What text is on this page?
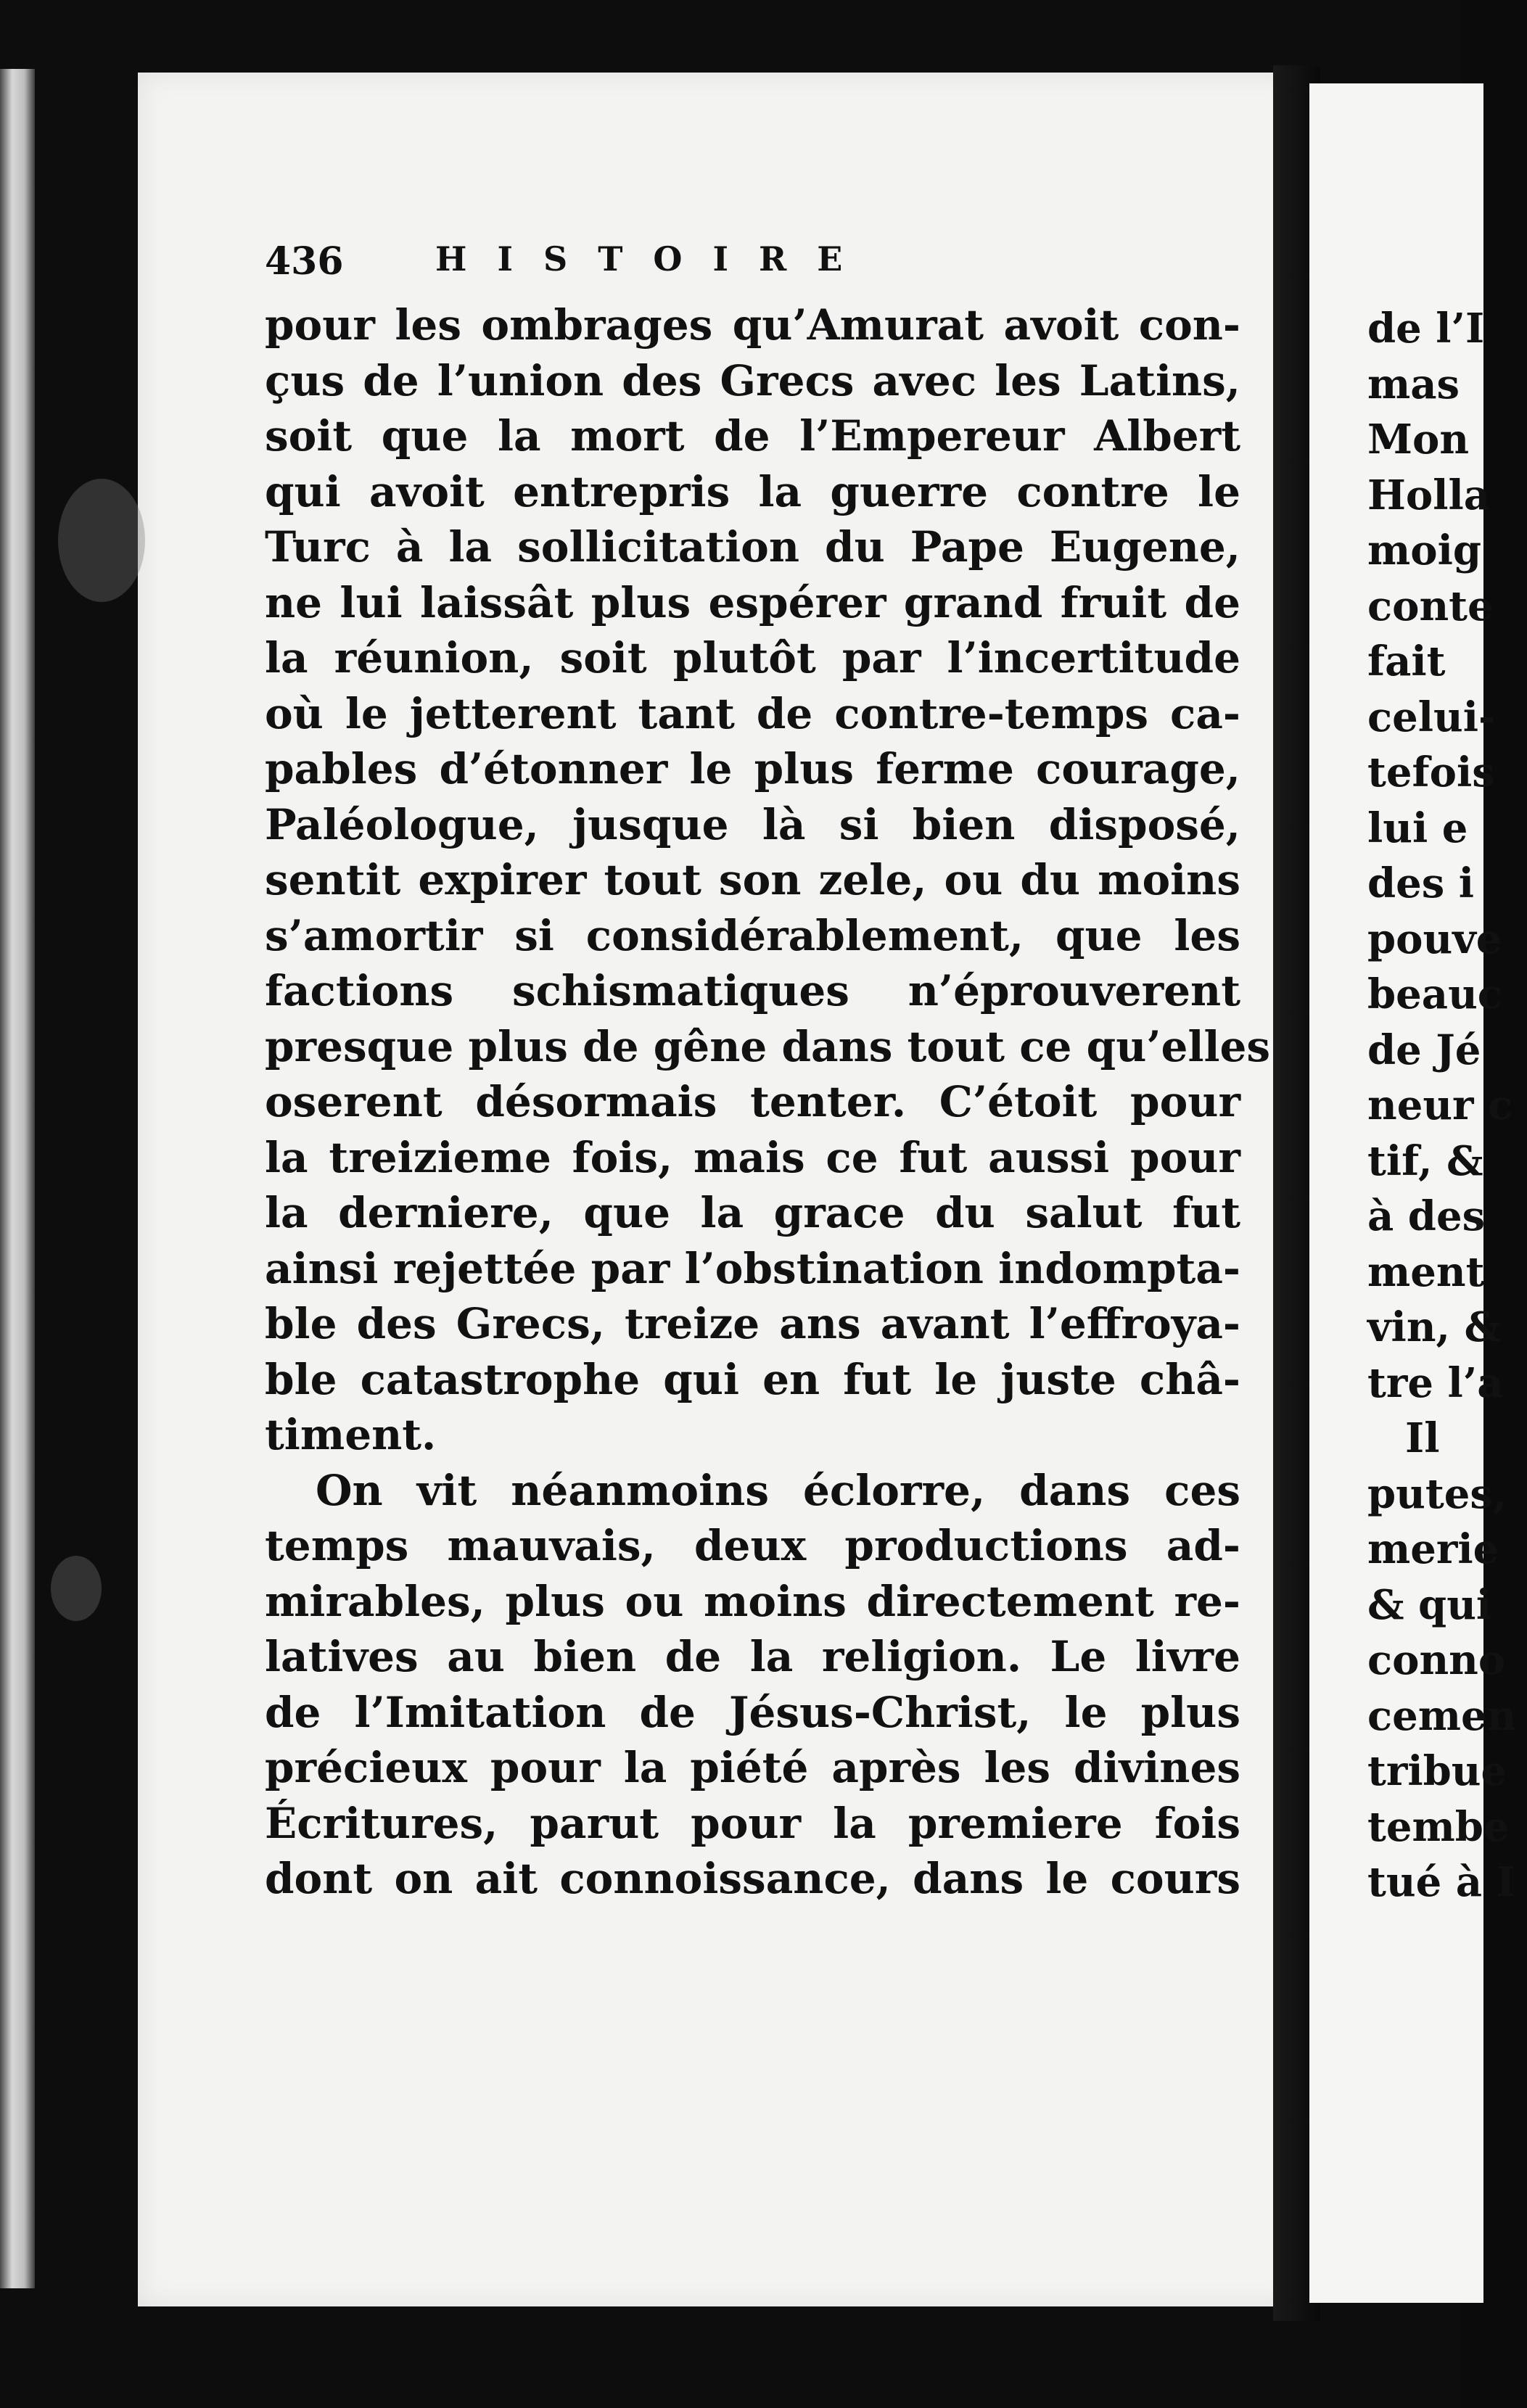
de l’I
mas
Mon
Holla
moig
conte
fait
celui-
tefois
lui e
des i
pouve
beauc
de Jé
neur c
tif, &
à des
ment
vin, &
tre l’a
Il
putes,
merie
& qui
conno
cemen
tribue
tembe
tué à I
436	HISTOIRE
pour les ombrages qu’Amurat avoit con-
çus de l’union des Grecs avec les Latins,
soit que la mort de l’Empereur Albert
qui avoit entrepris la guerre contre le
Turc à la sollicitation du Pape Eugene,
ne lui laissât plus espérer grand fruit de
la réunion, soit plutôt par l’incertitude
où le jetterent tant de contre-temps ca-
pables d’étonner le plus ferme courage,
Paléologue, jusque là si bien disposé,
sentit expirer tout son zele, ou du moins
s’amortir si considérablement, que les
factions schismatiques n’éprouverent
presque plus de gêne dans tout ce qu’elles
oserent désormais tenter. C’étoit pour
la treizieme fois, mais ce fut aussi pour
la derniere, que la grace du salut fut
ainsi rejettée par l’obstination indompta-
ble des Grecs, treize ans avant l’effroya-
ble catastrophe qui en fut le juste châ-
timent.
On vit néanmoins éclorre, dans ces
temps mauvais, deux productions ad-
mirables, plus ou moins directement re-
latives au bien de la religion. Le livre
de l’Imitation de Jésus-Christ, le plus
précieux pour la piété après les divines
Écritures, parut pour la premiere fois
dont on ait connoissance, dans le cours
